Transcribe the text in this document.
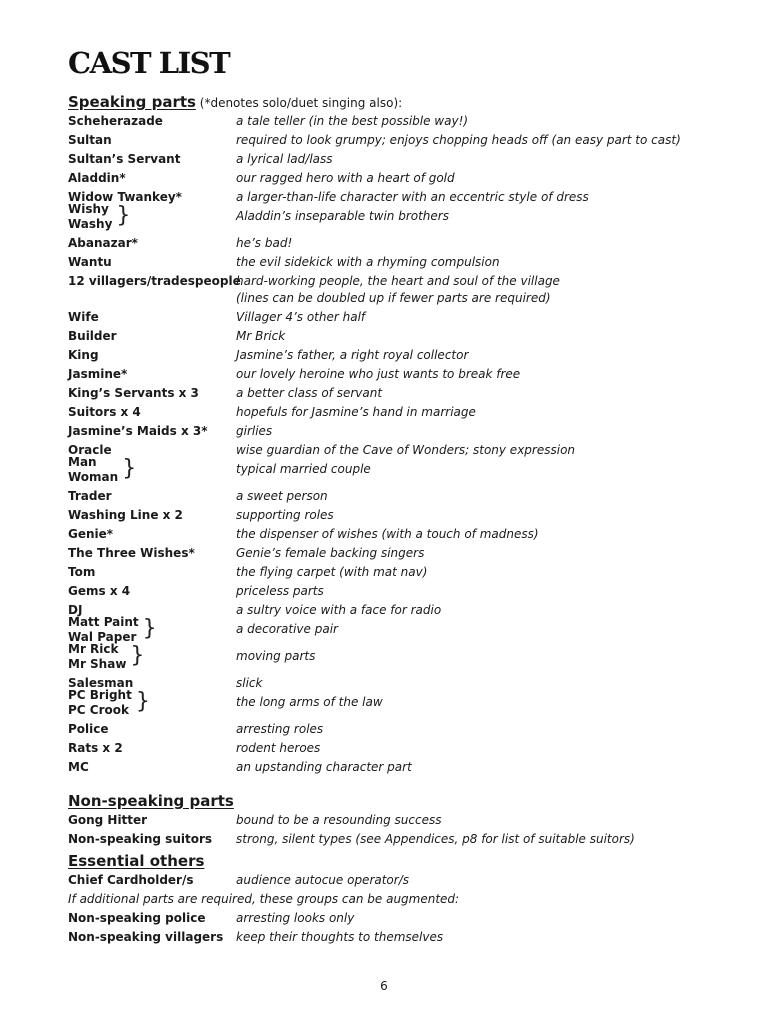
CAST LIST
Speaking parts (*denotes solo/duet singing also):
Scheherazade	a tale teller (in the best possible way!)
Sultan	required to look grumpy; enjoys chopping heads off (an easy part to cast)
Sultan’s Servant	a lyrical lad/lass
Aladdin*	our ragged hero with a heart of gold
Widow Twankey*	a larger-than-life character with an eccentric style of dress
Wishy
Washy }	Aladdin’s inseparable twin brothers
Abanazar*	he’s bad!
Wantu	the evil sidekick with a rhyming compulsion
12 villagers/tradespeople
hard-working people, the heart and soul of the village
(lines can be doubled up if fewer parts are required)
Wife	Villager 4’s other half
Builder	Mr Brick
King	Jasmine’s father, a right royal collector
Jasmine*	our lovely heroine who just wants to break free
King’s Servants x 3	a better class of servant
Suitors x 4	hopefuls for Jasmine’s hand in marriage
Jasmine’s Maids x 3* girlies
Oracle	wise guardian of the Cave of Wonders; stony expression
Man
Woman }	typical married couple
Trader	a sweet person
Washing Line x 2	supporting roles
Genie*	the dispenser of wishes (with a touch of madness)
The Three Wishes*	Genie’s female backing singers
Tom	the flying carpet (with mat nav)
Gems x 4	priceless parts
DJ	a sultry voice with a face for radio
Matt Paint
Wal Paper }	a decorative pair
Mr Rick
Mr Shaw }	moving parts
Salesman	slick
PC Bright
PC Crook }	the long arms of the law
Police	arresting roles
Rats x 2	rodent heroes
MC	an upstanding character part
Non-speaking parts
Gong Hitter	bound to be a resounding success
Non-speaking suitors strong, silent types (see Appendices, p8 for list of suitable suitors)
Essential others
Chief Cardholder/s	audience autocue operator/s
If additional parts are required, these groups can be augmented:
Non-speaking police	arresting looks only
Non-speaking villagers keep their thoughts to themselves
6
